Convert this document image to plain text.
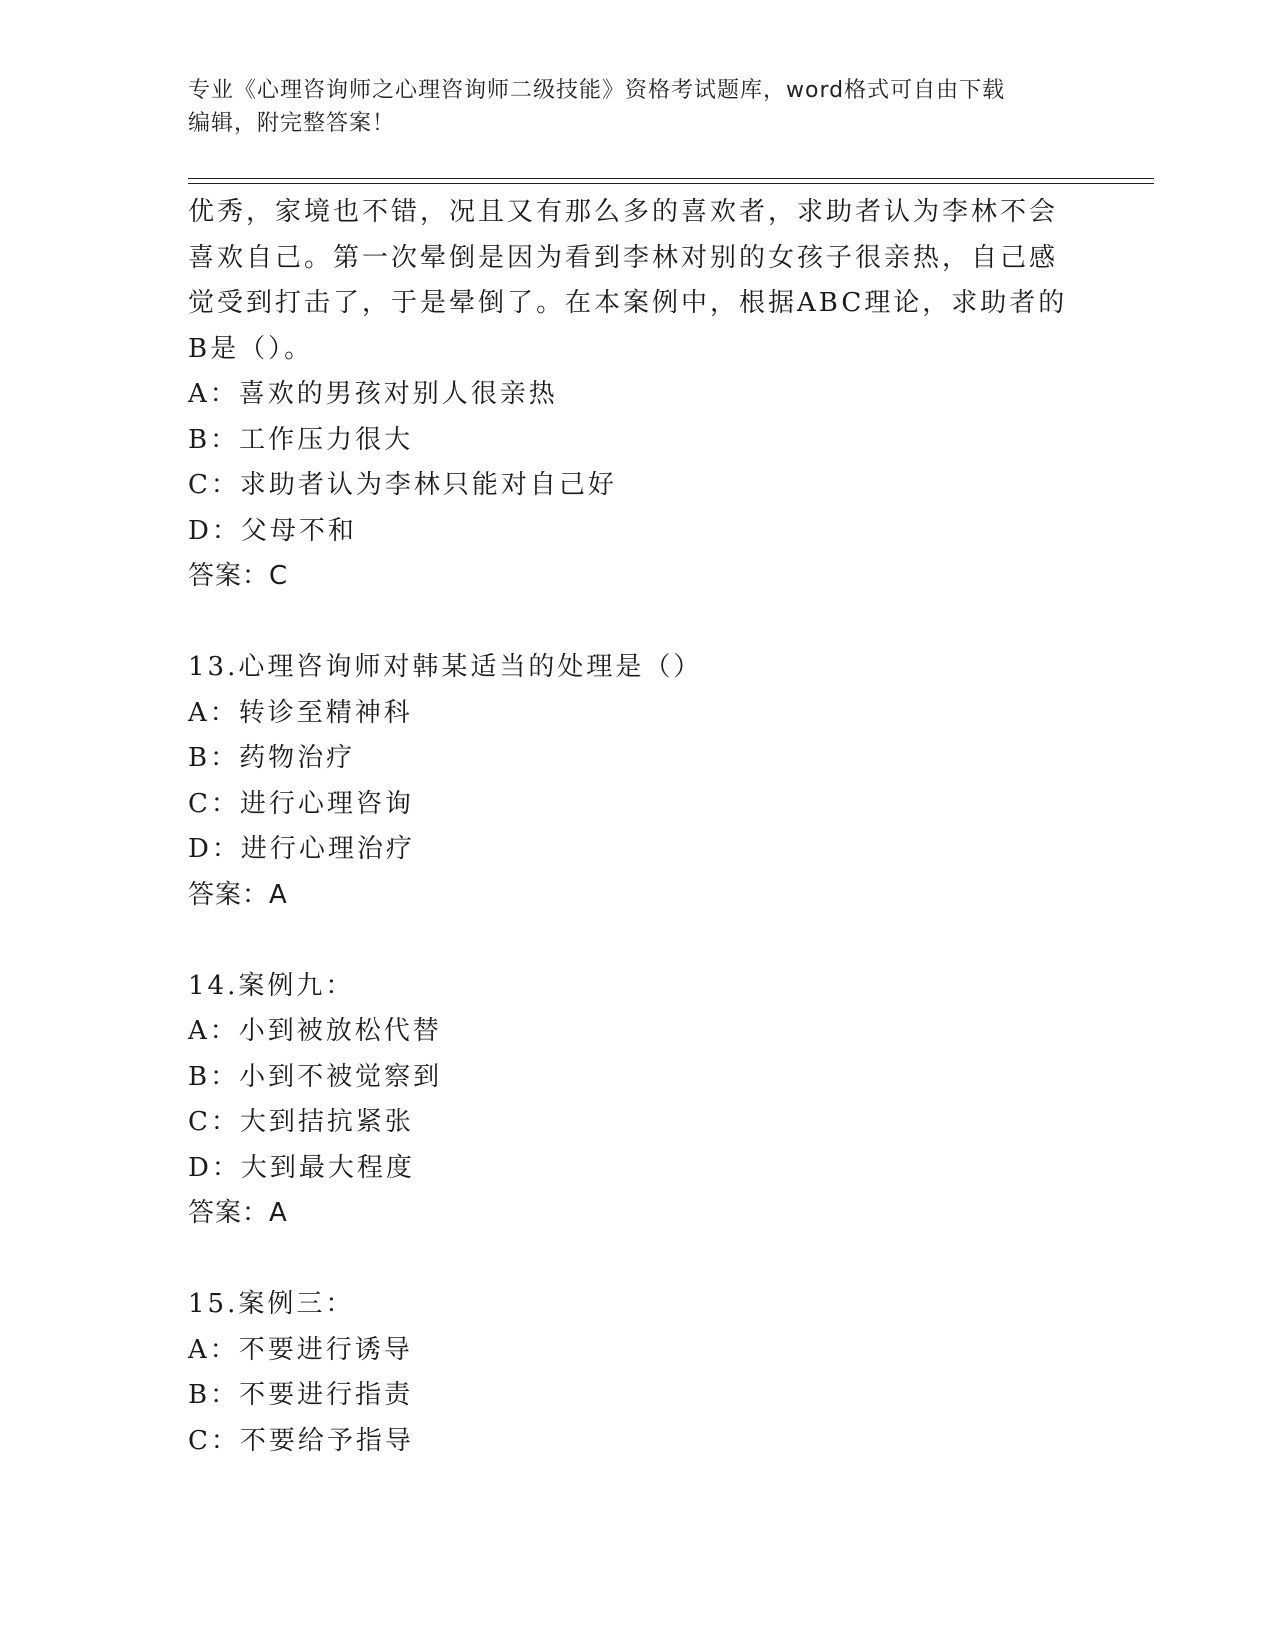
专业《心理咨询师之心理咨询师二级技能》资格考试题库，word格式可自由下载
编辑，附完整答案！
优秀，家境也不错，况且又有那么多的喜欢者，求助者认为李林不会
喜欢自己。第一次晕倒是因为看到李林对别的女孩子很亲热，自己感
觉受到打击了，于是晕倒了。在本案例中，根据ABC理论，求助者的
B是（）。
A：喜欢的男孩对别人很亲热
B：工作压力很大
C：求助者认为李林只能对自己好
D：父母不和
答案：C
13.心理咨询师对韩某适当的处理是（）
A：转诊至精神科
B：药物治疗
C：进行心理咨询
D：进行心理治疗
答案：A
14.案例九：
A：小到被放松代替
B：小到不被觉察到
C：大到拮抗紧张
D：大到最大程度
答案：A
15.案例三：
A：不要进行诱导
B：不要进行指责
C：不要给予指导
